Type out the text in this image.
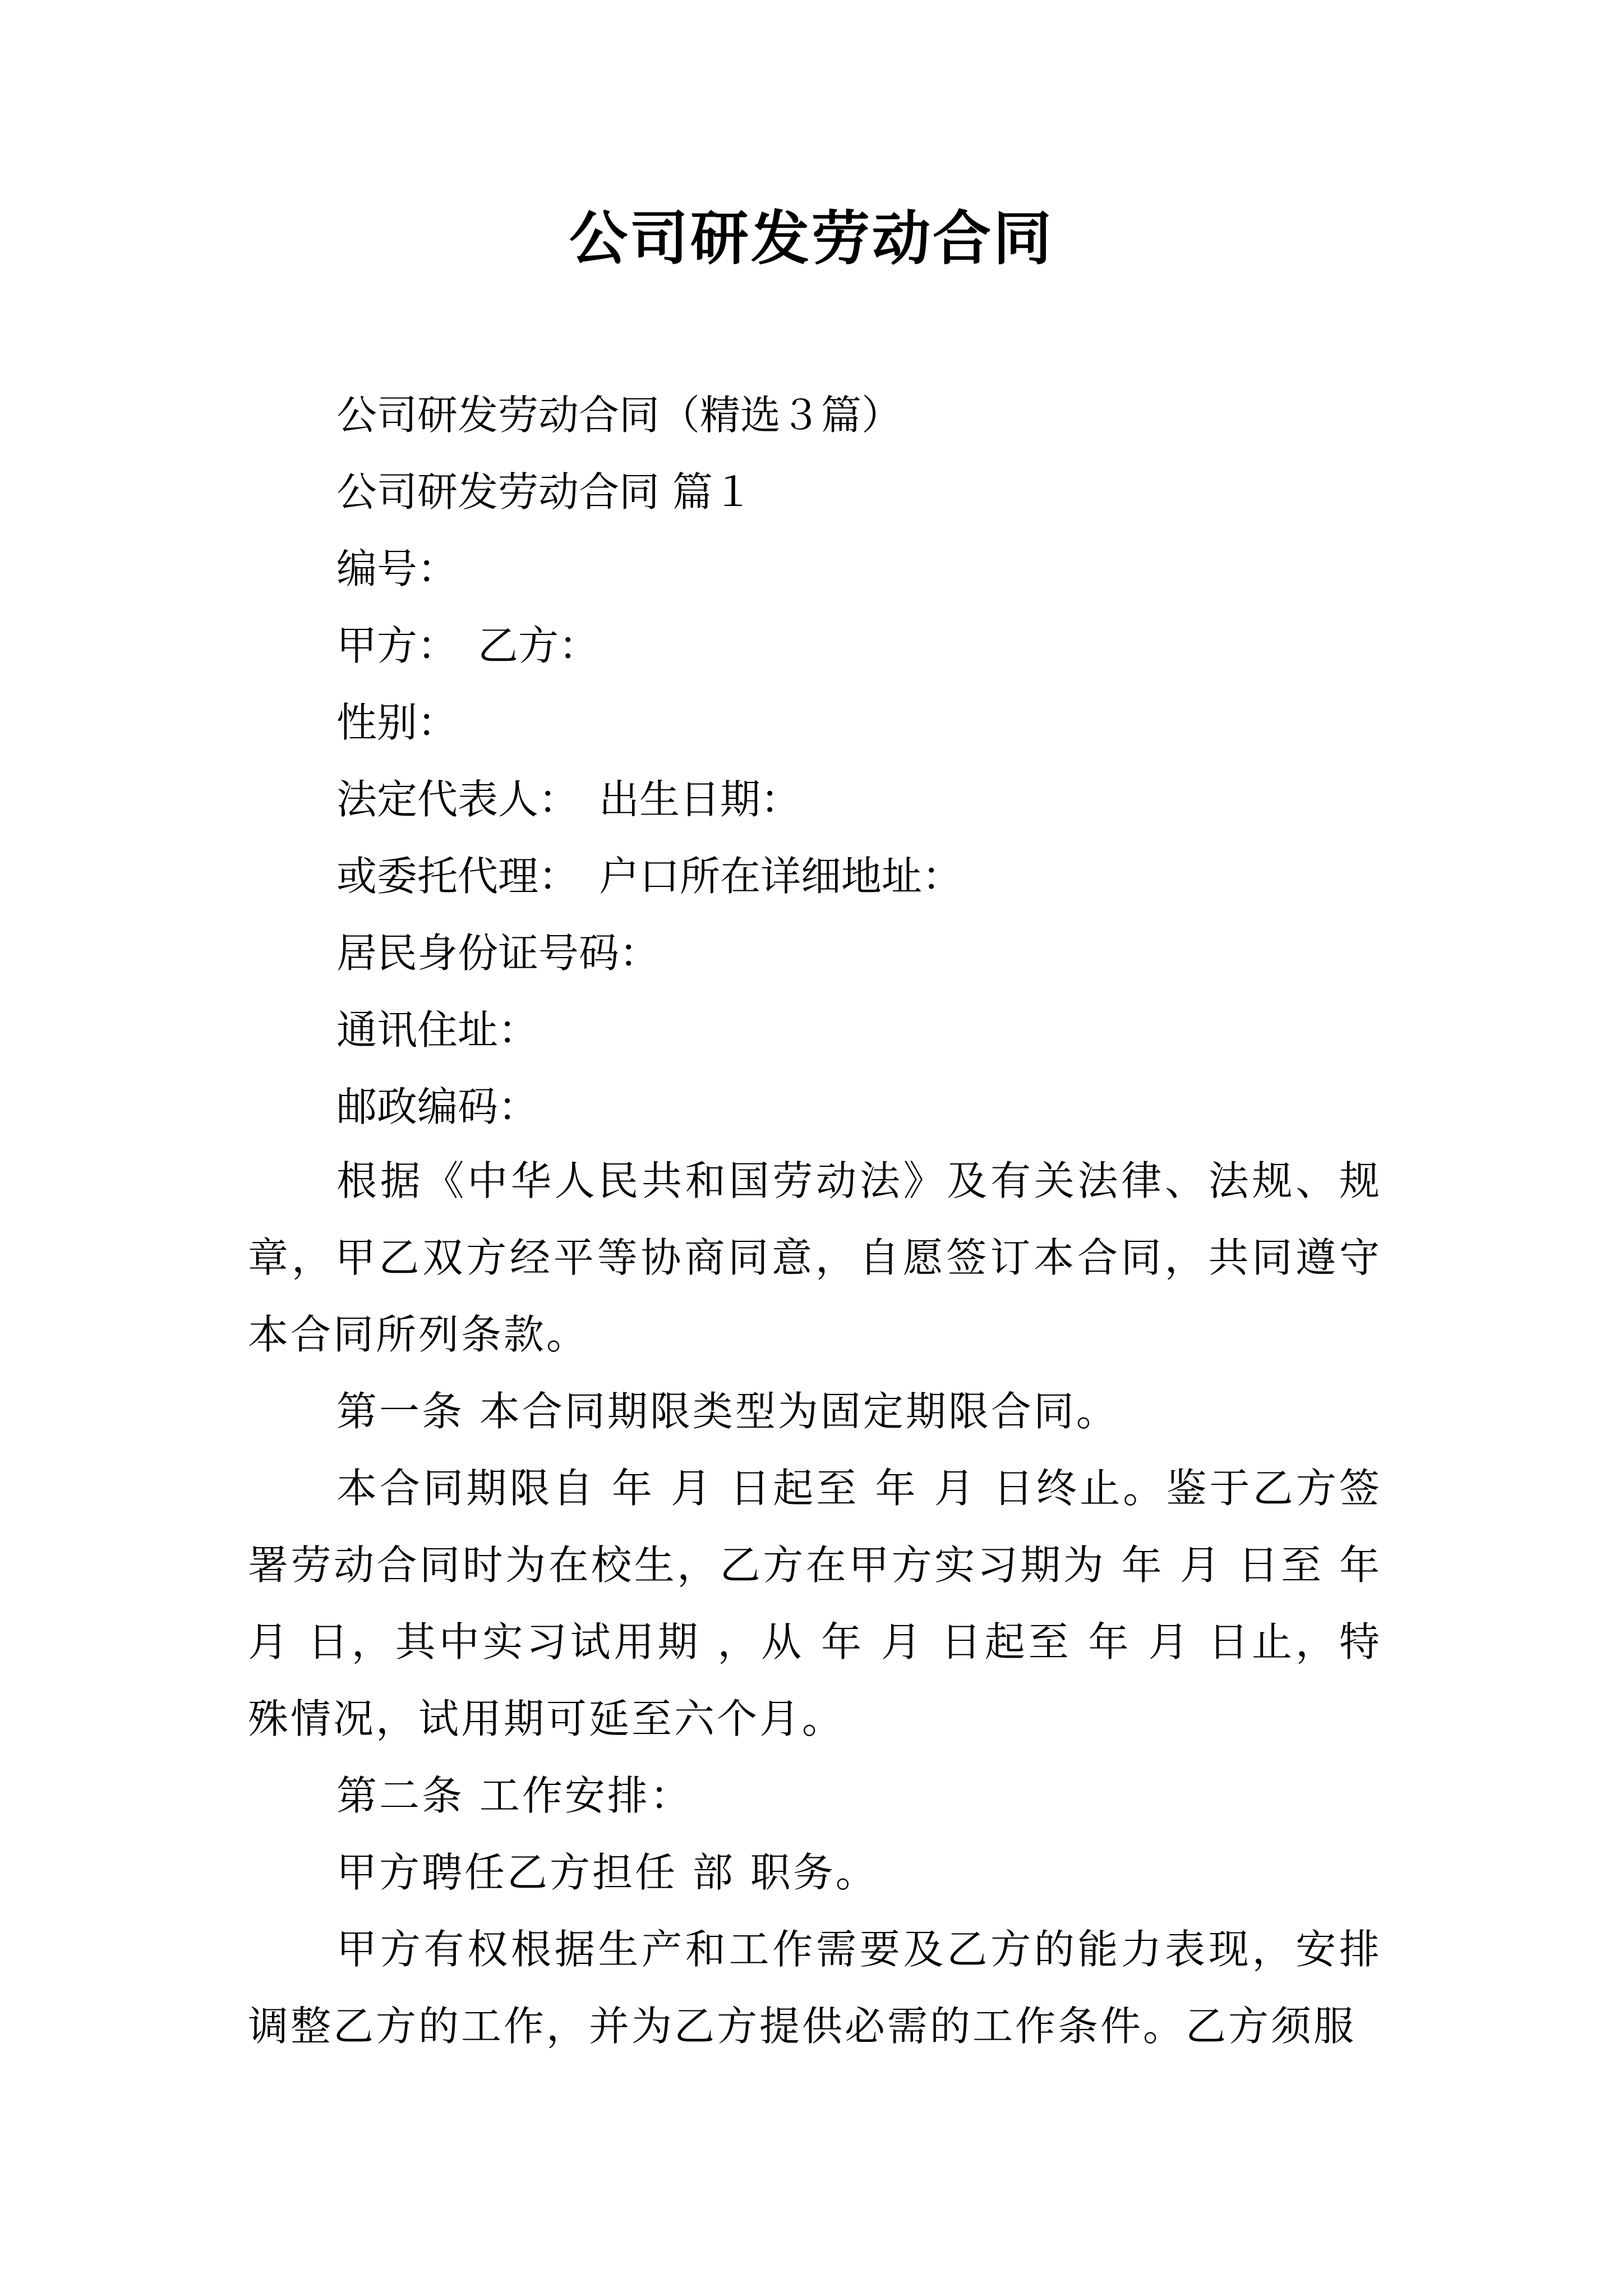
公司研发劳动合同
公司研发劳动合同（精选３篇）
公司研发劳动合同 篇１
编号：
甲方：　乙方：
性别：
法定代表人：　出生日期：
或委托代理：　户口所在详细地址：
居民身份证号码：
通讯住址：
邮政编码：
根据《中华人民共和国劳动法》及有关法律、法规、规章，甲乙双方经平等协商同意，自愿签订本合同，共同遵守本合同所列条款。
第一条 本合同期限类型为固定期限合同。
本合同期限自 年 月 日起至 年 月 日终止。鉴于乙方签署劳动合同时为在校生，乙方在甲方实习期为 年 月 日至 年 月 日，其中实习试用期 ，从 年 月 日起至 年 月 日止，特殊情况，试用期可延至六个月。
第二条 工作安排：
甲方聘任乙方担任 部 职务。
甲方有权根据生产和工作需要及乙方的能力表现，安排调整乙方的工作，并为乙方提供必需的工作条件。乙方须服
